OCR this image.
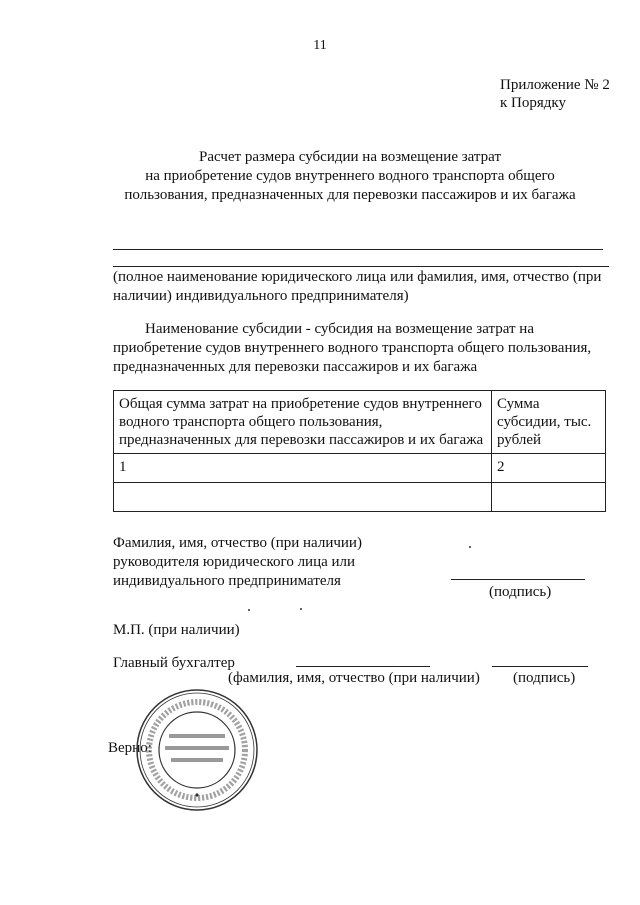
11
Приложение № 2
к Порядку
Расчет размера субсидии на возмещение затрат
на приобретение судов внутреннего водного транспорта общего
пользования, предназначенных для перевозки пассажиров и их багажа
(полное наименование юридического лица или фамилия, имя, отчество (при наличии) индивидуального предпринимателя)
Наименование субсидии - субсидия на возмещение затрат на приобретение судов внутреннего водного транспорта общего пользования, предназначенных для перевозки пассажиров и их багажа
Общая сумма затрат на приобретение судов внутреннего водного транспорта общего пользования, предназначенных для перевозки пассажиров и их багажа	Сумма субсидии, тыс. рублей
1	2

Фамилия, имя, отчество (при наличии)
руководителя юридического лица или
индивидуального предпринимателя
(подпись)
М.П. (при наличии)
Главный бухгалтер
(фамилия, имя, отчество (при наличии) (подпись)
Верно:
